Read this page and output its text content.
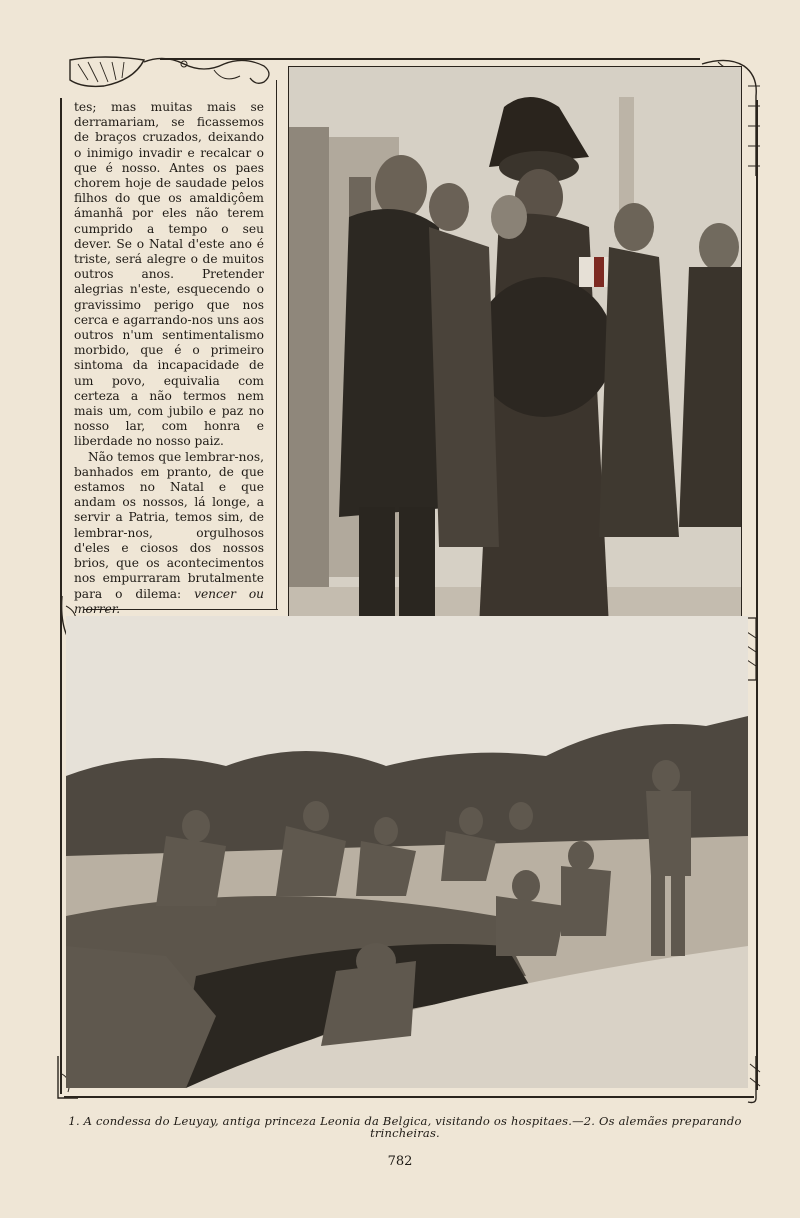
tes; mas muitas mais se derramariam, se ficassemos de braços cruzados, deixando o inimigo invadir e recalcar o que é nosso. Antes os paes chorem hoje de saudade pelos filhos do que os amaldiçôem ámanhã por eles não terem cumprido a tempo o seu dever. Se o Natal d'este ano é triste, será alegre o de muitos outros anos. Pretender alegrias n'este, esquecendo o gravissimo perigo que nos cerca e agarrando-nos uns aos outros n'um sentimentalismo morbido, que é o primeiro sintoma da incapacidade de um povo, equivalia com certeza a não termos nem mais um, com jubilo e paz no nosso lar, com honra e liberdade no nosso paiz.

Não temos que lembrar-nos, banhados em pranto, de que estamos no Natal e que andam os nossos, lá longe, a servir a Patria, temos sim, de lembrar-nos, orgulhosos d'eles e ciosos dos nossos brios, que os acontecimentos nos empurraram brutalmente para o dilema: vencer ou morrer.

1. A condessa do Leuyay, antiga princeza Leonia da Belgica, visitando os hospitaes.—2. Os alemães preparando trincheiras.
782
